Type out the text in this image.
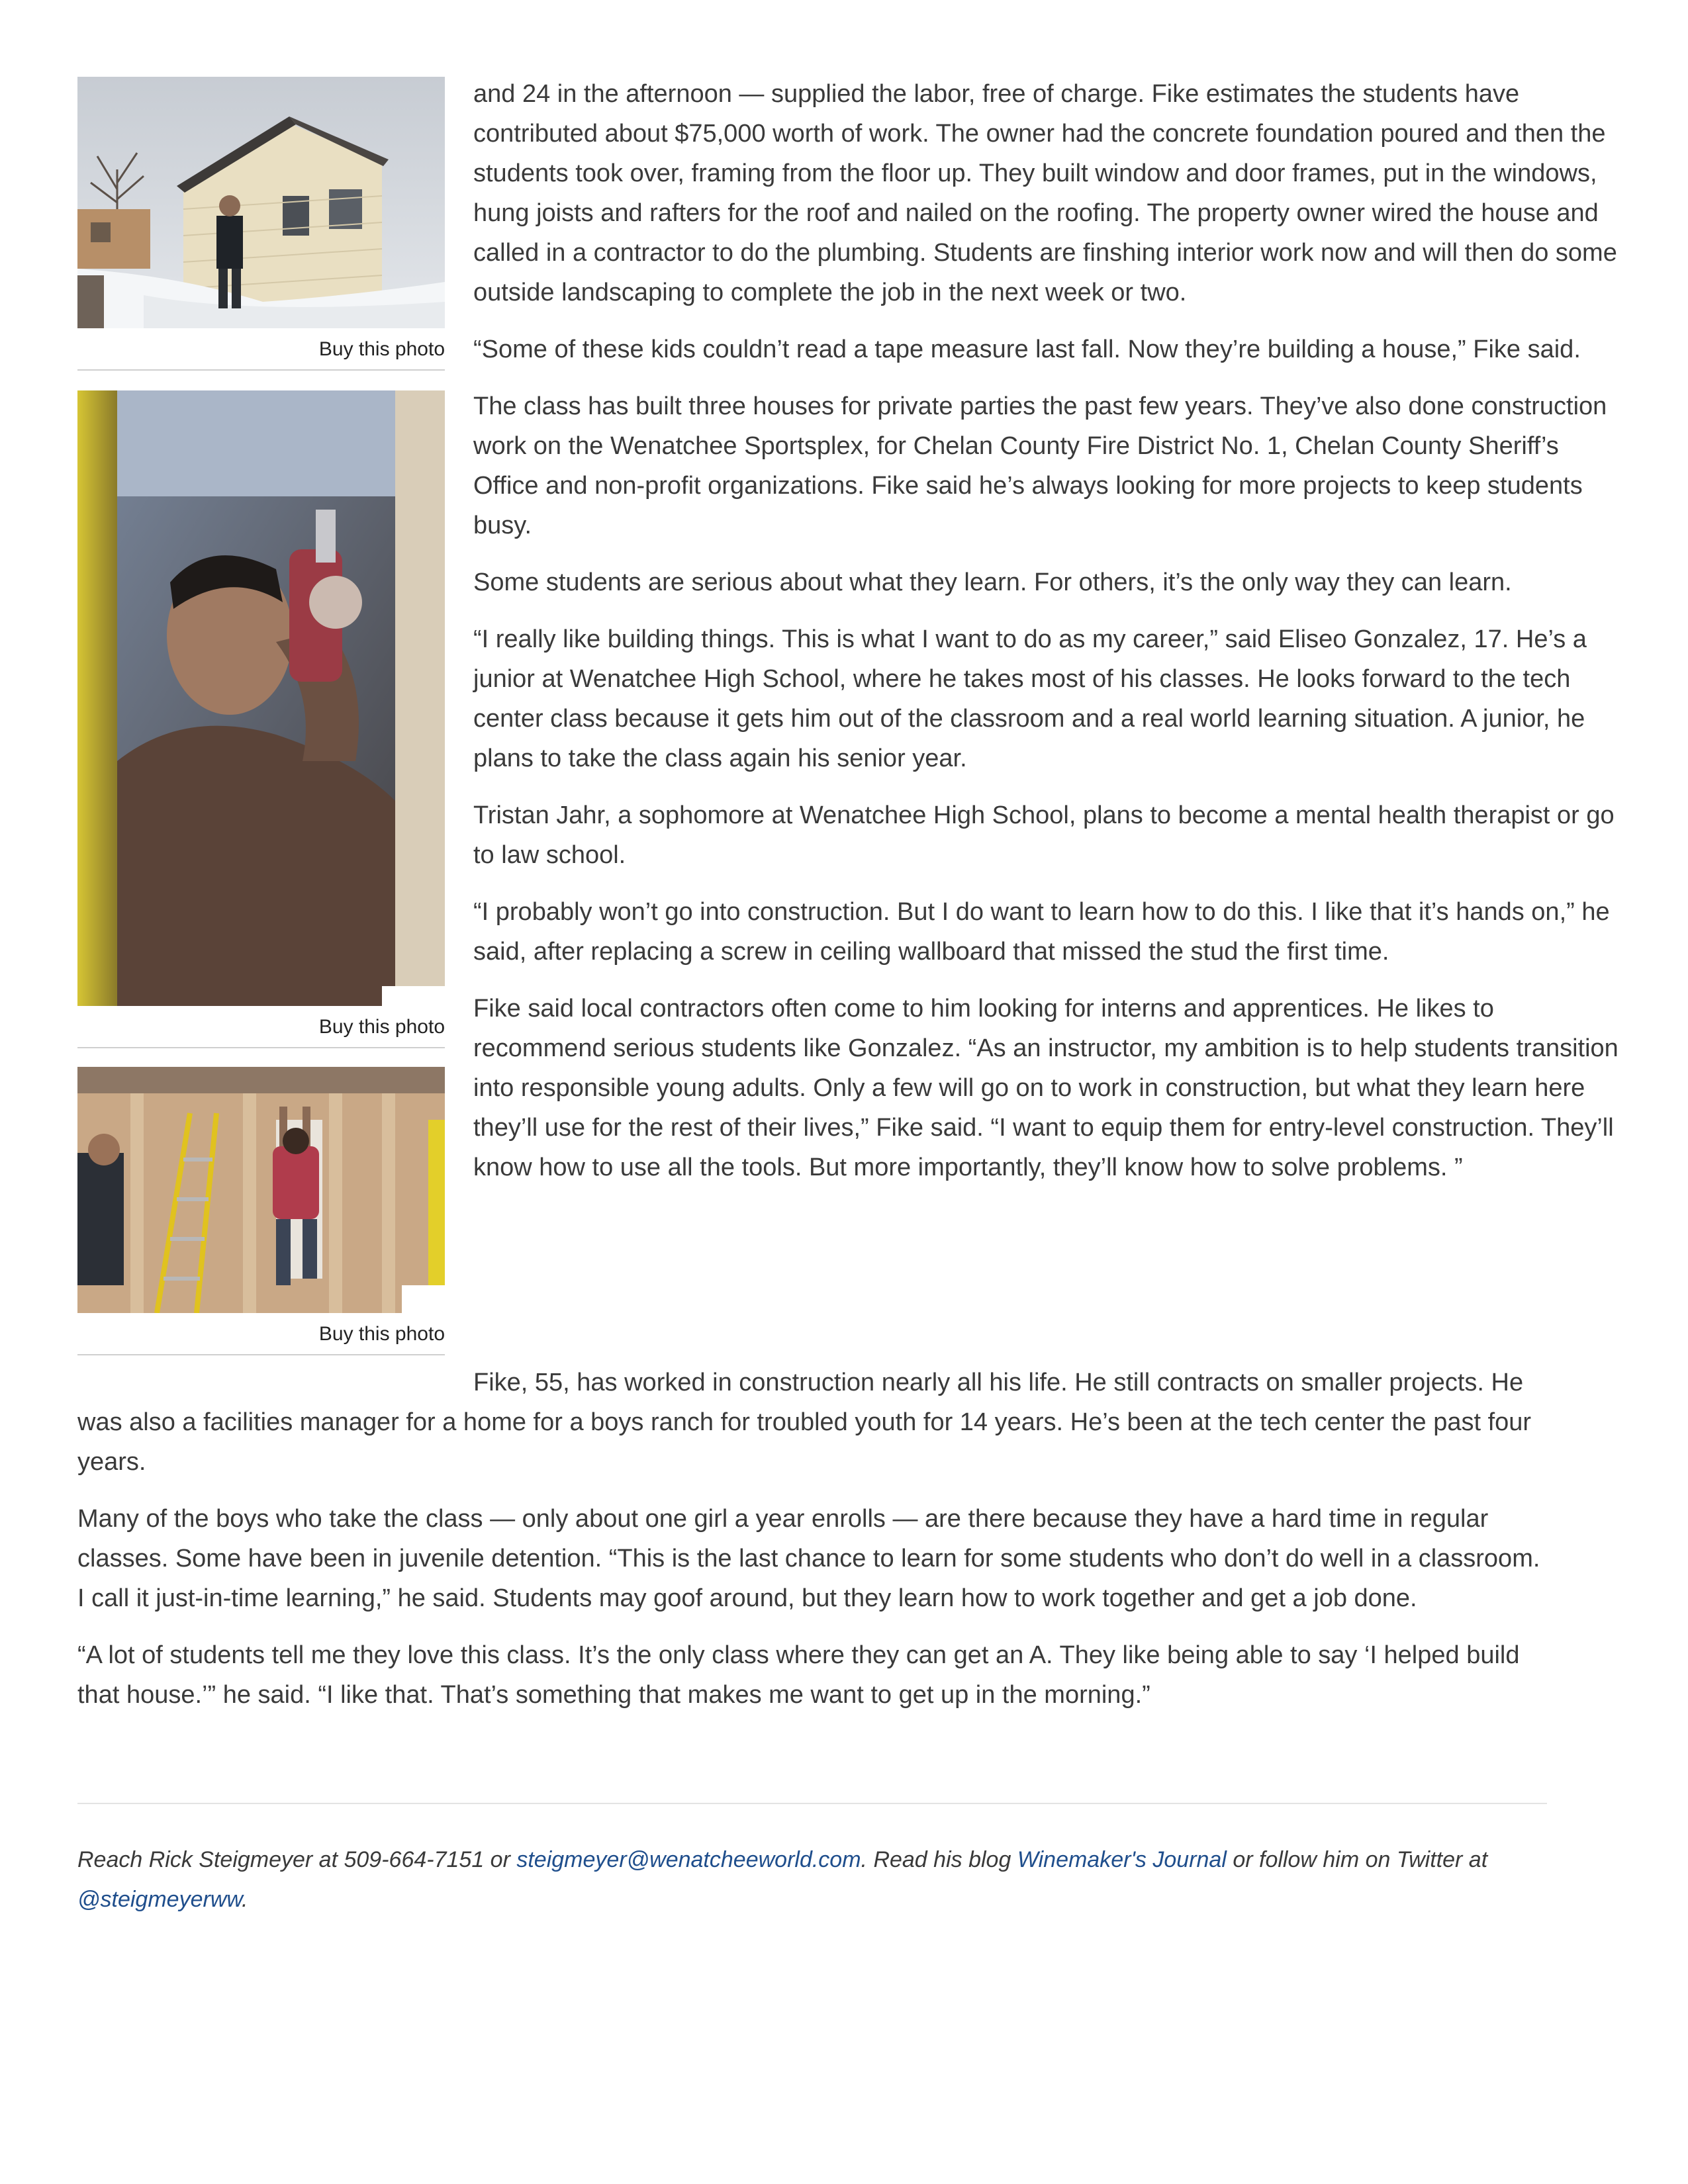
Buy this photo
Buy this photo
Buy this photo

and 24 in the afternoon — supplied the labor, free of charge. Fike estimates the students have contributed about $75,000 worth of work. The owner had the concrete foundation poured and then the students took over, framing from the floor up. They built window and door frames, put in the windows, hung joists and rafters for the roof and nailed on the roofing. The property owner wired the house and called in a contractor to do the plumbing. Students are finshing interior work now and will then do some outside landscaping to complete the job in the next week or two.

“Some of these kids couldn’t read a tape measure last fall. Now they’re building a house,” Fike said.

The class has built three houses for private parties the past few years. They’ve also done construction work on the Wenatchee Sportsplex, for Chelan County Fire District No. 1, Chelan County Sheriff’s Office and non-profit organizations. Fike said he’s always looking for more projects to keep students busy.

Some students are serious about what they learn. For others, it’s the only way they can learn.

“I really like building things. This is what I want to do as my career,” said Eliseo Gonzalez, 17. He’s a junior at Wenatchee High School, where he takes most of his classes. He looks forward to the tech center class because it gets him out of the classroom and a real world learning situation. A junior, he plans to take the class again his senior year.

Tristan Jahr, a sophomore at Wenatchee High School, plans to become a mental health therapist or go to law school.

“I probably won’t go into construction. But I do want to learn how to do this. I like that it’s hands on,” he said, after replacing a screw in ceiling wallboard that missed the stud the first time.

Fike said local contractors often come to him looking for interns and apprentices. He likes to recommend serious students like Gonzalez. “As an instructor, my ambition is to help students transition into responsible young adults. Only a few will go on to work in construction, but what they learn here they’ll use for the rest of their lives,” Fike said. “I want to equip them for entry-level construction. They’ll know how to use all the tools. But more importantly, they’ll know how to solve problems. ”

Fike, 55, has worked in construction nearly all his life. He still contracts on smaller projects. He was also a facilities manager for a home for a boys ranch for troubled youth for 14 years. He’s been at the tech center the past four years.

Many of the boys who take the class — only about one girl a year enrolls — are there because they have a hard time in regular classes. Some have been in juvenile detention. “This is the last chance to learn for some students who don’t do well in a classroom. I call it just-in-time learning,” he said. Students may goof around, but they learn how to work together and get a job done.

“A lot of students tell me they love this class. It’s the only class where they can get an A. They like being able to say ‘I helped build that house.’” he said. “I like that. That’s something that makes me want to get up in the morning.”

Reach Rick Steigmeyer at 509-664-7151 or steigmeyer@wenatcheeworld.com. Read his blog Winemaker's Journal or follow him on Twitter at @steigmeyerww.
